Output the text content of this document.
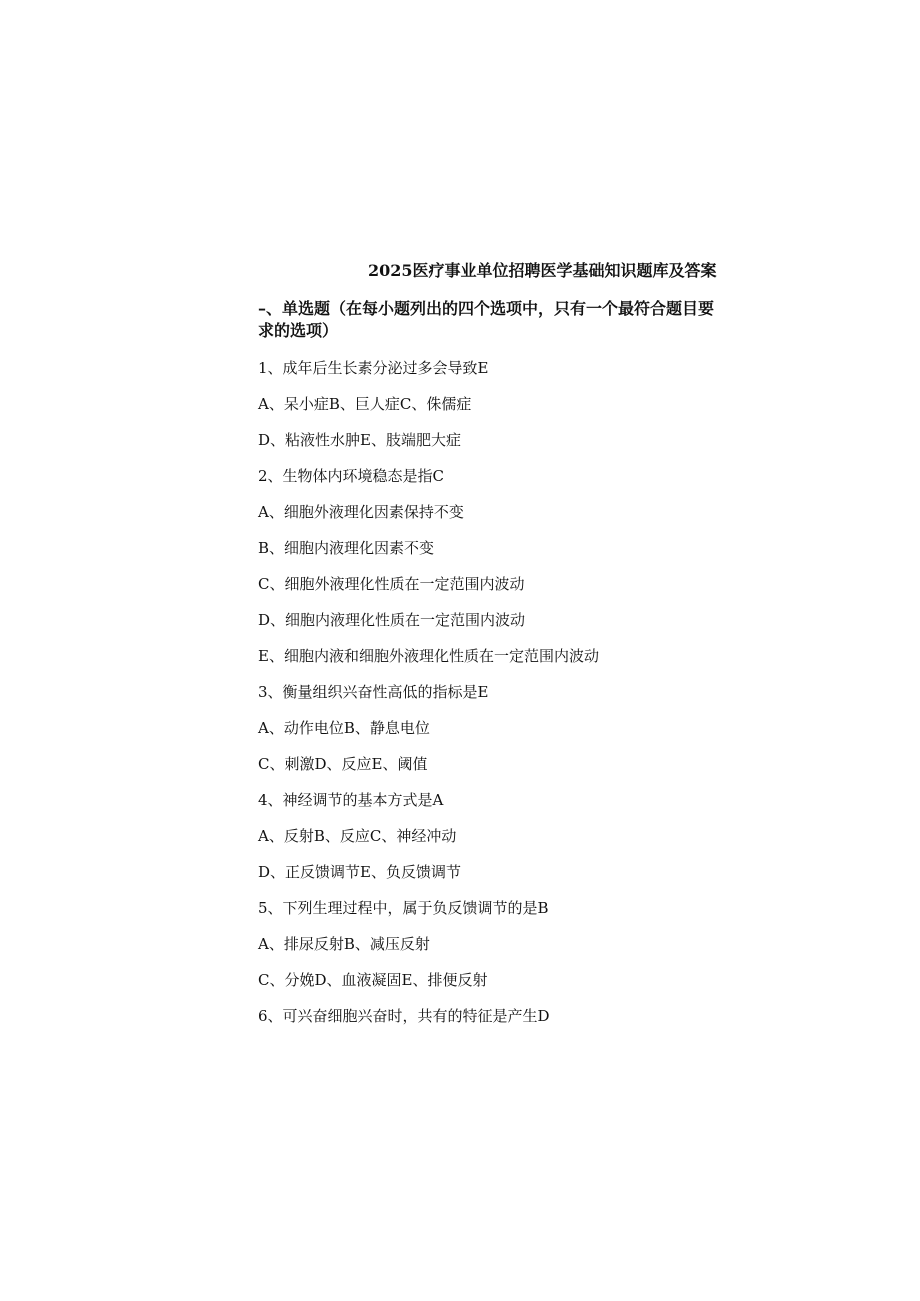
2025医疗事业单位招聘医学基础知识题库及答案
–、单选题（在每小题列出的四个选项中，只有一个最符合题目要求的选项）
1、成年后生长素分泌过多会导致E
A、呆小症B、巨人症C、侏儒症
D、粘液性水肿E、肢端肥大症
2、生物体内环境稳态是指C
A、细胞外液理化因素保持不变
B、细胞内液理化因素不变
C、细胞外液理化性质在一定范围内波动
D、细胞内液理化性质在一定范围内波动
E、细胞内液和细胞外液理化性质在一定范围内波动
3、衡量组织兴奋性高低的指标是E
A、动作电位B、静息电位
C、刺激D、反应E、阈值
4、神经调节的基本方式是A
A、反射B、反应C、神经冲动
D、正反馈调节E、负反馈调节
5、下列生理过程中，属于负反馈调节的是B
A、排尿反射B、减压反射
C、分娩D、血液凝固E、排便反射
6、可兴奋细胞兴奋时，共有的特征是产生D
